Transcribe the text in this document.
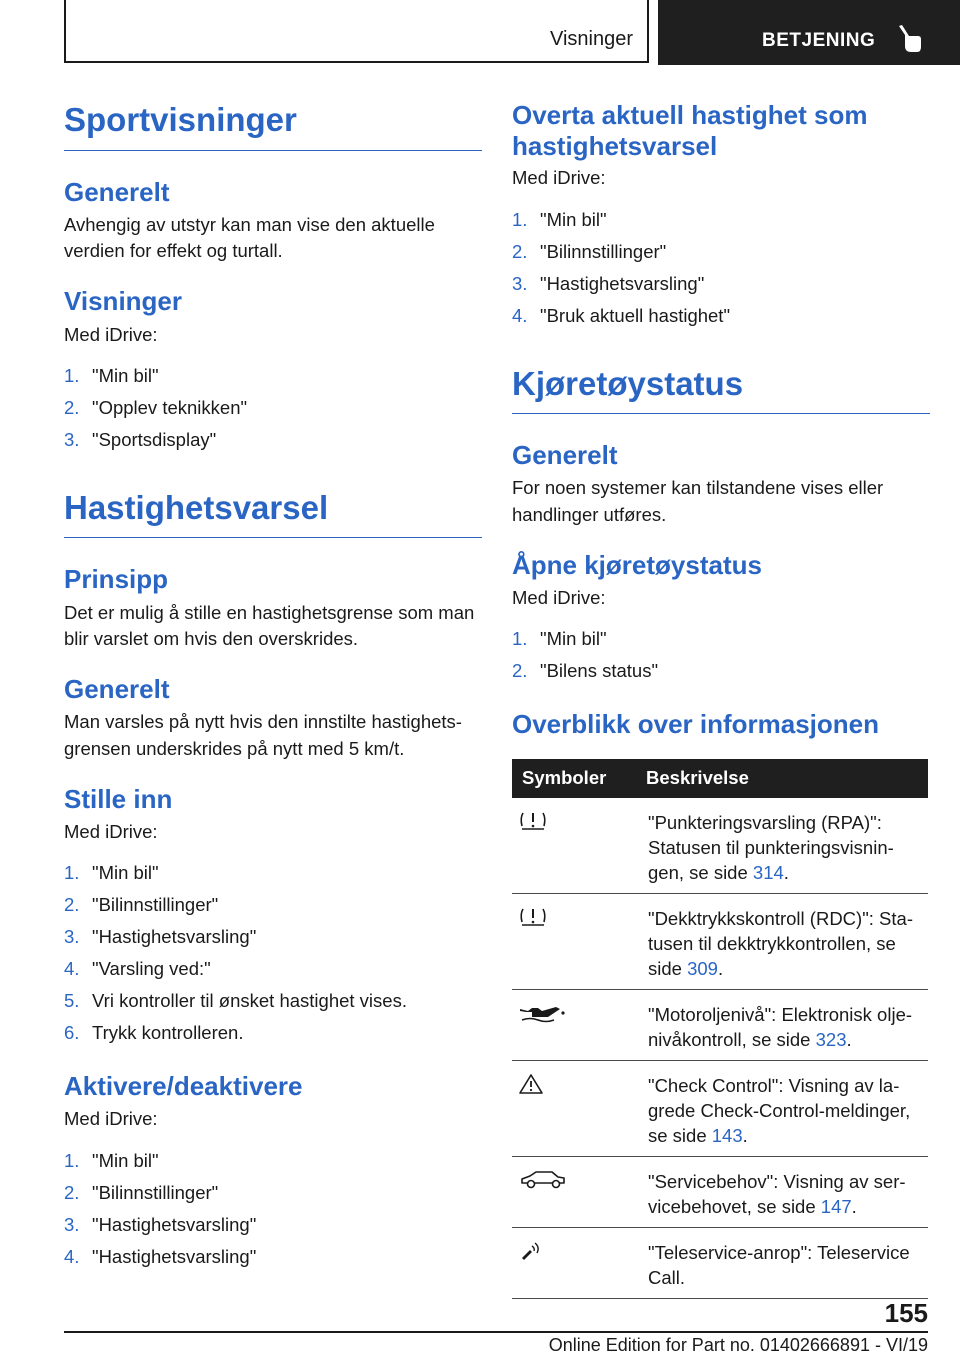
Visninger	BETJENING
Sportvisninger
Generelt

Avhengig av utstyr kan man vise den aktuelle verdien for effekt og turtall.

Visninger

Med iDrive:

1. "Min bil"
2. "Opplev teknikken"
3. "Sportsdisplay"
Hastighetsvarsel
Prinsipp

Det er mulig å stille en hastighetsgrense som man blir varslet om hvis den overskrides.

Generelt

Man varsles på nytt hvis den innstilte hastighetsgrensen underskrides på nytt med 5 km/t.

Stille inn

Med iDrive:

1. "Min bil"
2. "Bilinnstillinger"
3. "Hastighetsvarsling"
4. "Varsling ved:"
5. Vri kontroller til ønsket hastighet vises.
6. Trykk kontrolleren.
Aktivere/deaktivere

Med iDrive:

1. "Min bil"
2. "Bilinnstillinger"
3. "Hastighetsvarsling"
4. "Hastighetsvarsling"
Overta aktuell hastighet som hastighetsvarsel

Med iDrive:

1. "Min bil"
2. "Bilinnstillinger"
3. "Hastighetsvarsling"
4. "Bruk aktuell hastighet"
Kjøretøystatus
Generelt

For noen systemer kan tilstandene vises eller handlinger utføres.

Åpne kjøretøystatus

Med iDrive:

1. "Min bil"
2. "Bilens status"
Overblikk over informasjonen
Symboler	Beskrivelse
	"Punkteringsvarsling (RPA)": Statusen til punkteringsvisningen, se side 314.
	"Dekktrykkskontroll (RDC)": Statusen til dekktrykkontrollen, se side 309.
	"Motoroljenivå": Elektronisk oljenivåkontroll, se side 323.
	"Check Control": Visning av lagrede Check-Control-meldinger, se side 143.
	"Servicebehov": Visning av servicebehovet, se side 147.
	"Teleservice-anrop": Teleservice Call.
155
Online Edition for Part no. 01402666891 - VI/19
